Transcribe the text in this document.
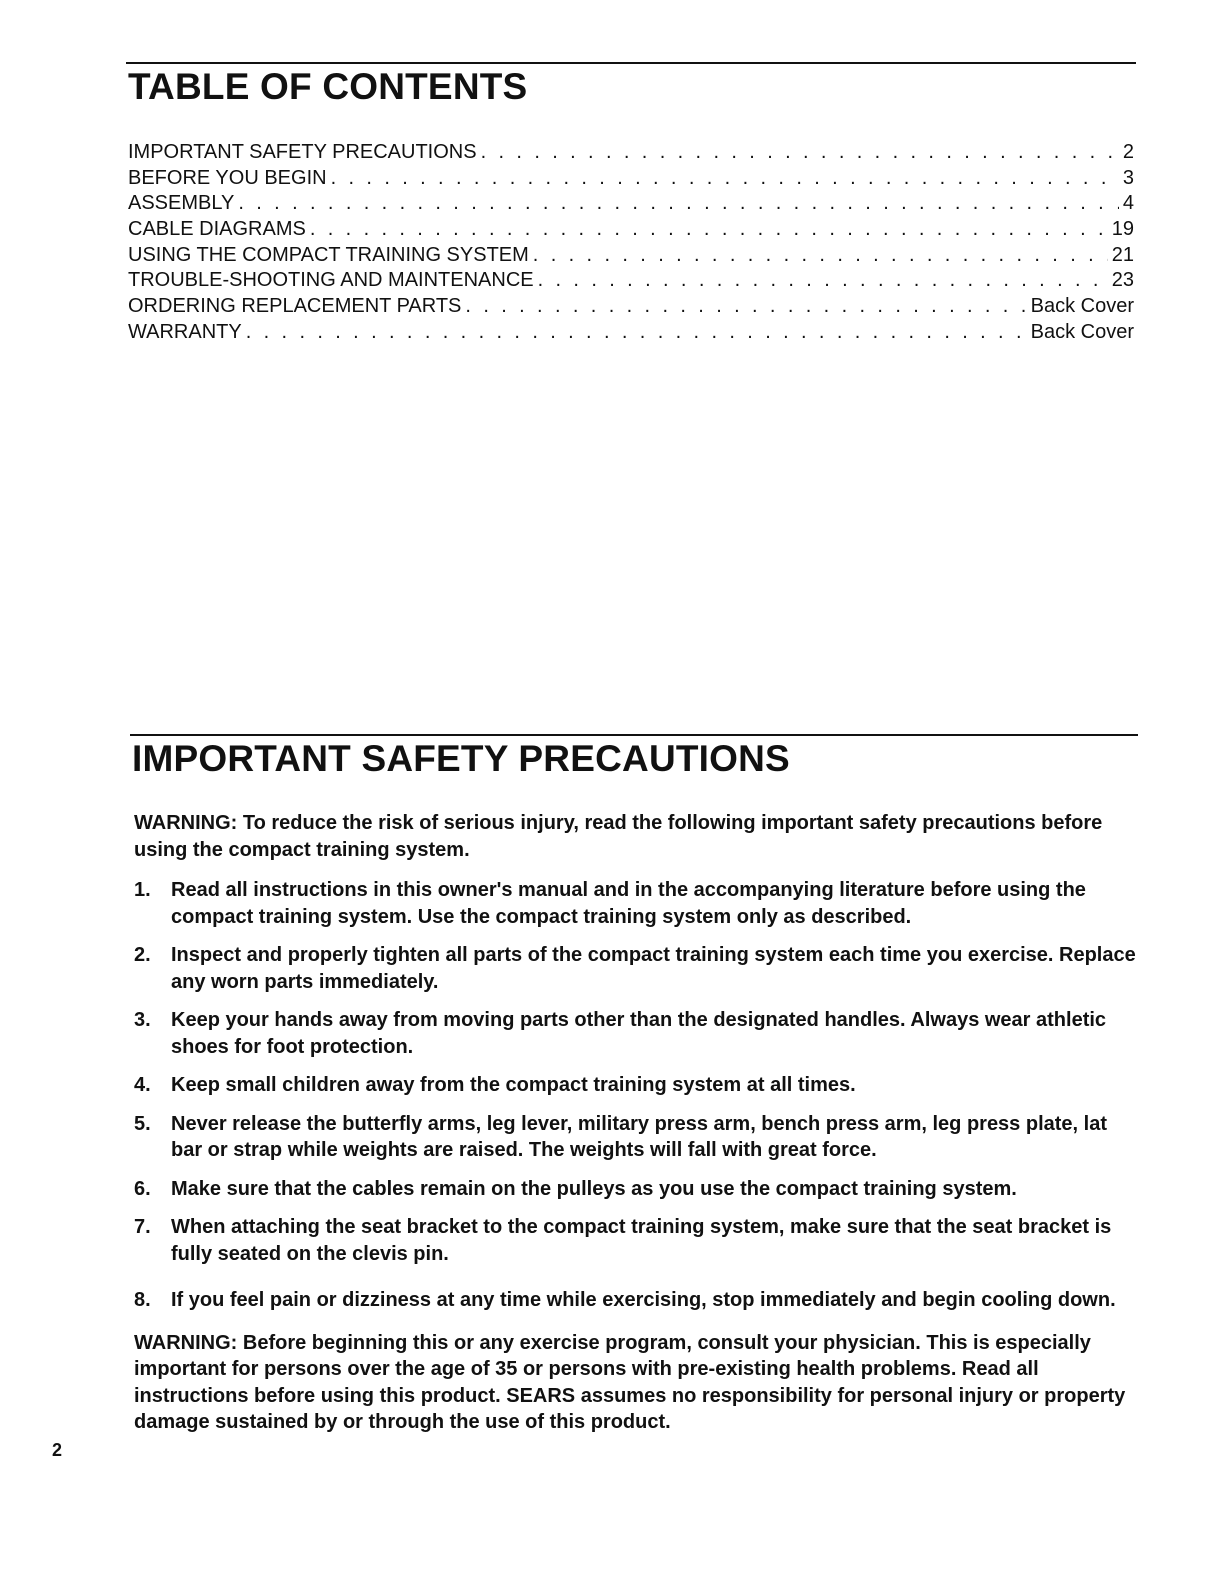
TABLE OF CONTENTS
IMPORTANT SAFETY PRECAUTIONS . . .	2
BEFORE YOU BEGIN . . .	3
ASSEMBLY . . .	4
CABLE DIAGRAMS . . .	19
USING THE COMPACT TRAINING SYSTEM . . .	21
TROUBLE-SHOOTING AND MAINTENANCE . . .	23
ORDERING REPLACEMENT PARTS . . .	Back Cover
WARRANTY . . .	Back Cover
IMPORTANT SAFETY PRECAUTIONS

WARNING: To reduce the risk of serious injury, read the following important safety precautions before using the compact training system.

1.	Read all instructions in this owner's manual and in the accompanying literature before using the compact training system. Use the compact training system only as described.
2.	Inspect and properly tighten all parts of the compact training system each time you exercise. Replace any worn parts immediately.
3.	Keep your hands away from moving parts other than the designated handles. Always wear athletic shoes for foot protection.
4.	Keep small children away from the compact training system at all times.
5.	Never release the butterfly arms, leg lever, military press arm, bench press arm, leg press plate, lat bar or strap while weights are raised. The weights will fall with great force.
6.	Make sure that the cables remain on the pulleys as you use the compact training system.
7.	When attaching the seat bracket to the compact training system, make sure that the seat bracket is fully seated on the clevis pin.
8.	If you feel pain or dizziness at any time while exercising, stop immediately and begin cooling down.

WARNING: Before beginning this or any exercise program, consult your physician. This is especially important for persons over the age of 35 or persons with pre-existing health problems. Read all instructions before using this product. SEARS assumes no responsibility for personal injury or property damage sustained by or through the use of this product.

2
